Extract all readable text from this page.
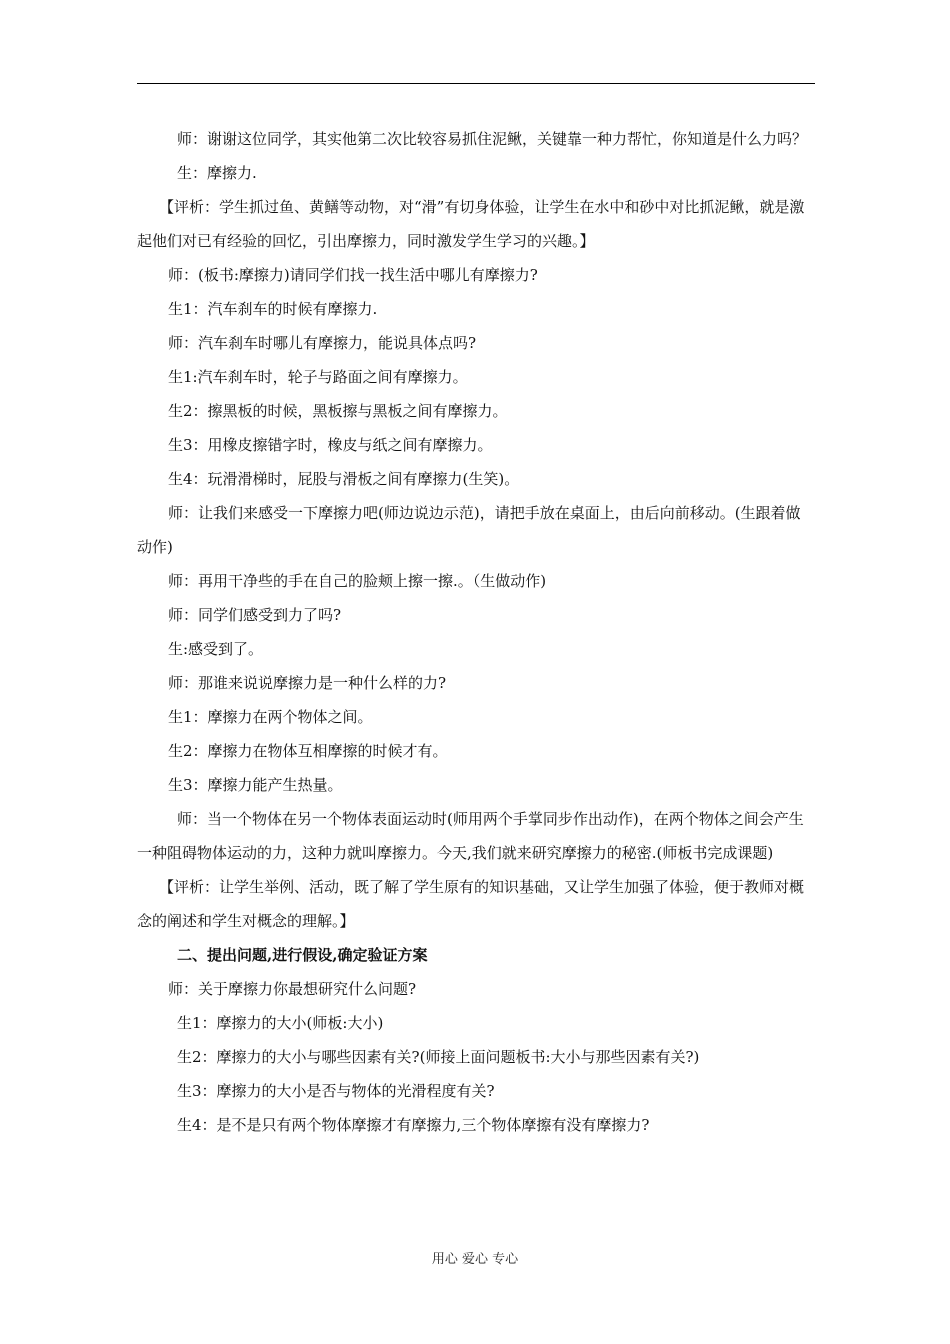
师：谢谢这位同学，其实他第二次比较容易抓住泥鳅，关键靠一种力帮忙，你知道是什么力吗？

生：摩擦力.

【评析：学生抓过鱼、黄鳝等动物，对“滑”有切身体验，让学生在水中和砂中对比抓泥鳅，就是激起他们对已有经验的回忆，引出摩擦力，同时激发学生学习的兴趣。】

师：(板书:摩擦力)请同学们找一找生活中哪儿有摩擦力?

生1：汽车刹车的时候有摩擦力.

师：汽车刹车时哪儿有摩擦力，能说具体点吗?

生1:汽车刹车时，轮子与路面之间有摩擦力。

生2：擦黑板的时候，黑板擦与黑板之间有摩擦力。

生3：用橡皮擦错字时，橡皮与纸之间有摩擦力。

生4：玩滑滑梯时，屁股与滑板之间有摩擦力(生笑)。

师：让我们来感受一下摩擦力吧(师边说边示范)，请把手放在桌面上，由后向前移动。(生跟着做动作)

师：再用干净些的手在自己的脸颊上擦一擦.。（生做动作)

师：同学们感受到力了吗?

生:感受到了。

师：那谁来说说摩擦力是一种什么样的力?

生1：摩擦力在两个物体之间。

生2：摩擦力在物体互相摩擦的时候才有。

生3：摩擦力能产生热量。

师：当一个物体在另一个物体表面运动时(师用两个手掌同步作出动作)，在两个物体之间会产生一种阻碍物体运动的力，这种力就叫摩擦力。今天,我们就来研究摩擦力的秘密.(师板书完成课题)

【评析：让学生举例、活动，既了解了学生原有的知识基础，又让学生加强了体验，便于教师对概念的阐述和学生对概念的理解。】

二、提出问题,进行假设,确定验证方案

师：关于摩擦力你最想研究什么问题?

生1：摩擦力的大小(师板:大小)

生2：摩擦力的大小与哪些因素有关?(师接上面问题板书:大小与那些因素有关?)

生3：摩擦力的大小是否与物体的光滑程度有关?

生4：是不是只有两个物体摩擦才有摩擦力,三个物体摩擦有没有摩擦力?

用心 爱心 专心
